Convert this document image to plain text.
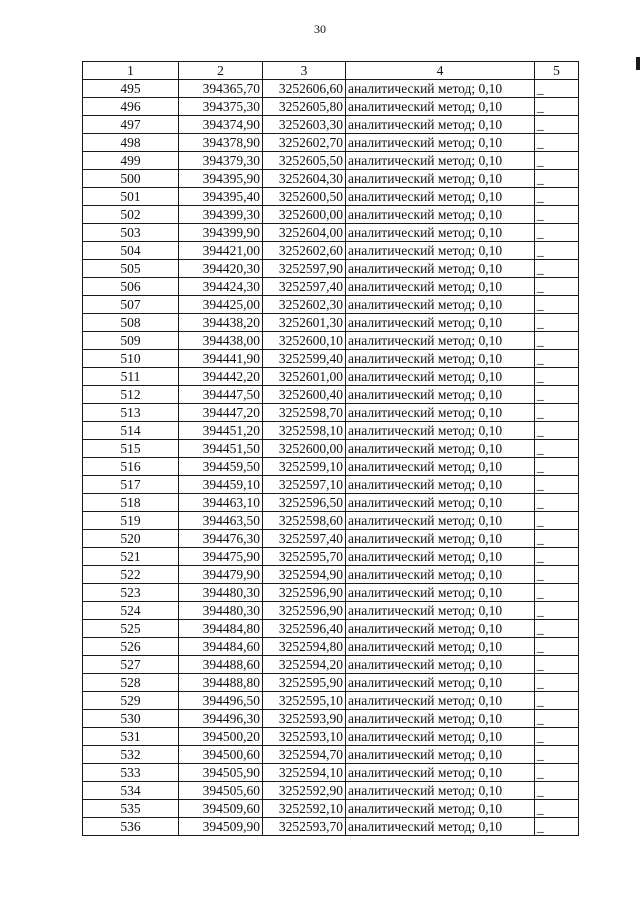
30
1	2	3	4	5
495	394365,70	3252606,60	аналитический метод; 0,10	_
496	394375,30	3252605,80	аналитический метод; 0,10	_
497	394374,90	3252603,30	аналитический метод; 0,10	_
498	394378,90	3252602,70	аналитический метод; 0,10	_
499	394379,30	3252605,50	аналитический метод; 0,10	_
500	394395,90	3252604,30	аналитический метод; 0,10	_
501	394395,40	3252600,50	аналитический метод; 0,10	_
502	394399,30	3252600,00	аналитический метод; 0,10	_
503	394399,90	3252604,00	аналитический метод; 0,10	_
504	394421,00	3252602,60	аналитический метод; 0,10	_
505	394420,30	3252597,90	аналитический метод; 0,10	_
506	394424,30	3252597,40	аналитический метод; 0,10	_
507	394425,00	3252602,30	аналитический метод; 0,10	_
508	394438,20	3252601,30	аналитический метод; 0,10	_
509	394438,00	3252600,10	аналитический метод; 0,10	_
510	394441,90	3252599,40	аналитический метод; 0,10	_
511	394442,20	3252601,00	аналитический метод; 0,10	_
512	394447,50	3252600,40	аналитический метод; 0,10	_
513	394447,20	3252598,70	аналитический метод; 0,10	_
514	394451,20	3252598,10	аналитический метод; 0,10	_
515	394451,50	3252600,00	аналитический метод; 0,10	_
516	394459,50	3252599,10	аналитический метод; 0,10	_
517	394459,10	3252597,10	аналитический метод; 0,10	_
518	394463,10	3252596,50	аналитический метод; 0,10	_
519	394463,50	3252598,60	аналитический метод; 0,10	_
520	394476,30	3252597,40	аналитический метод; 0,10	_
521	394475,90	3252595,70	аналитический метод; 0,10	_
522	394479,90	3252594,90	аналитический метод; 0,10	_
523	394480,30	3252596,90	аналитический метод; 0,10	_
524	394480,30	3252596,90	аналитический метод; 0,10	_
525	394484,80	3252596,40	аналитический метод; 0,10	_
526	394484,60	3252594,80	аналитический метод; 0,10	_
527	394488,60	3252594,20	аналитический метод; 0,10	_
528	394488,80	3252595,90	аналитический метод; 0,10	_
529	394496,50	3252595,10	аналитический метод; 0,10	_
530	394496,30	3252593,90	аналитический метод; 0,10	_
531	394500,20	3252593,10	аналитический метод; 0,10	_
532	394500,60	3252594,70	аналитический метод; 0,10	_
533	394505,90	3252594,10	аналитический метод; 0,10	_
534	394505,60	3252592,90	аналитический метод; 0,10	_
535	394509,60	3252592,10	аналитический метод; 0,10	_
536	394509,90	3252593,70	аналитический метод; 0,10	_
